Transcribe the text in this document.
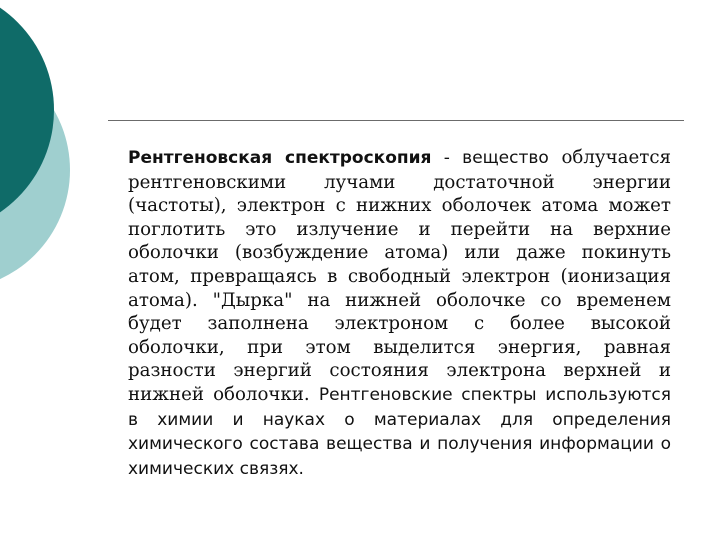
Рентгеновская спектроскопия - вещество облучается рентгеновскими лучами достаточной энергии (частоты), электрон с нижних оболочек атома может поглотить это излучение и перейти на верхние оболочки (возбуждение атома) или даже покинуть атом, превращаясь в свободный электрон (ионизация атома). "Дырка" на нижней оболочке со временем будет заполнена электроном с более высокой оболочки, при этом выделится энергия, равная разности энергий состояния электрона верхней и нижней оболочки. Рентгеновские спектры используются в химии и науках о материалах для определения химического состава вещества и получения информации о химических связях.
